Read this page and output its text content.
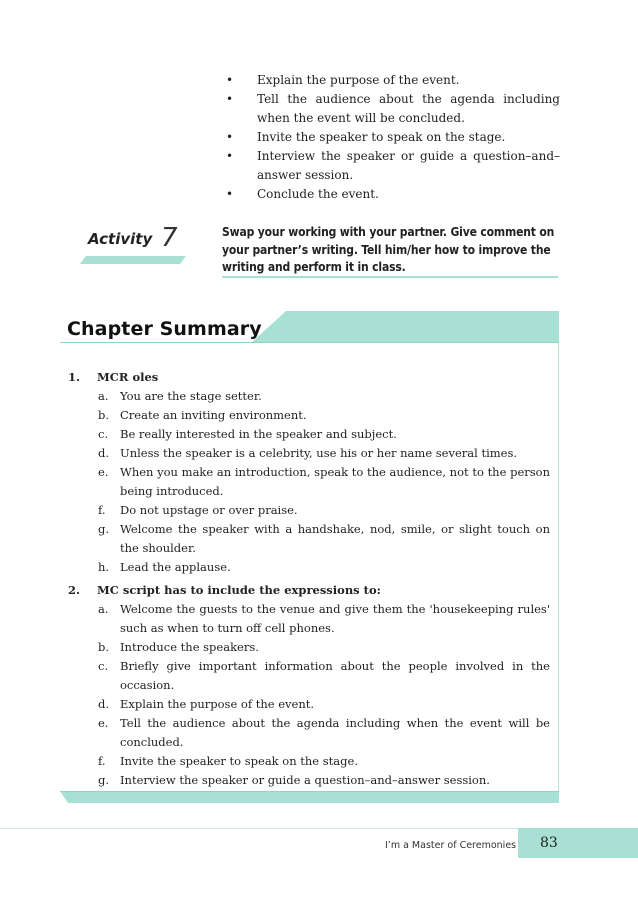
• Explain the purpose of the event.
• Tell the audience about the agenda including when the event will be concluded.
• Invite the speaker to speak on the stage.
• Interview the speaker or guide a question–and–answer session.
• Conclude the event.
Activity 7	Swap your working with your partner. Give comment on your partner’s writing. Tell him/her how to improve the writing and perform it in class.
Chapter Summary
1. MCR oles
a. You are the stage setter.
b. Create an inviting environment.
c. Be really interested in the speaker and subject.
d. Unless the speaker is a celebrity, use his or her name several times.
e. When you make an introduction, speak to the audience, not to the person being introduced.
f. Do not upstage or over praise.
g. Welcome the speaker with a handshake, nod, smile, or slight touch on the shoulder.
h. Lead the applause.
2. MC script has to include the expressions to:
a. Welcome the guests to the venue and give them the 'housekeeping rules' such as when to turn off cell phones.
b. Introduce the speakers.
c. Briefly give important information about the people involved in the occasion.
d. Explain the purpose of the event.
e. Tell the audience about the agenda including when the event will be concluded.
f. Invite the speaker to speak on the stage.
g. Interview the speaker or guide a question–and–answer session.
I’m a Master of Ceremonies 83
